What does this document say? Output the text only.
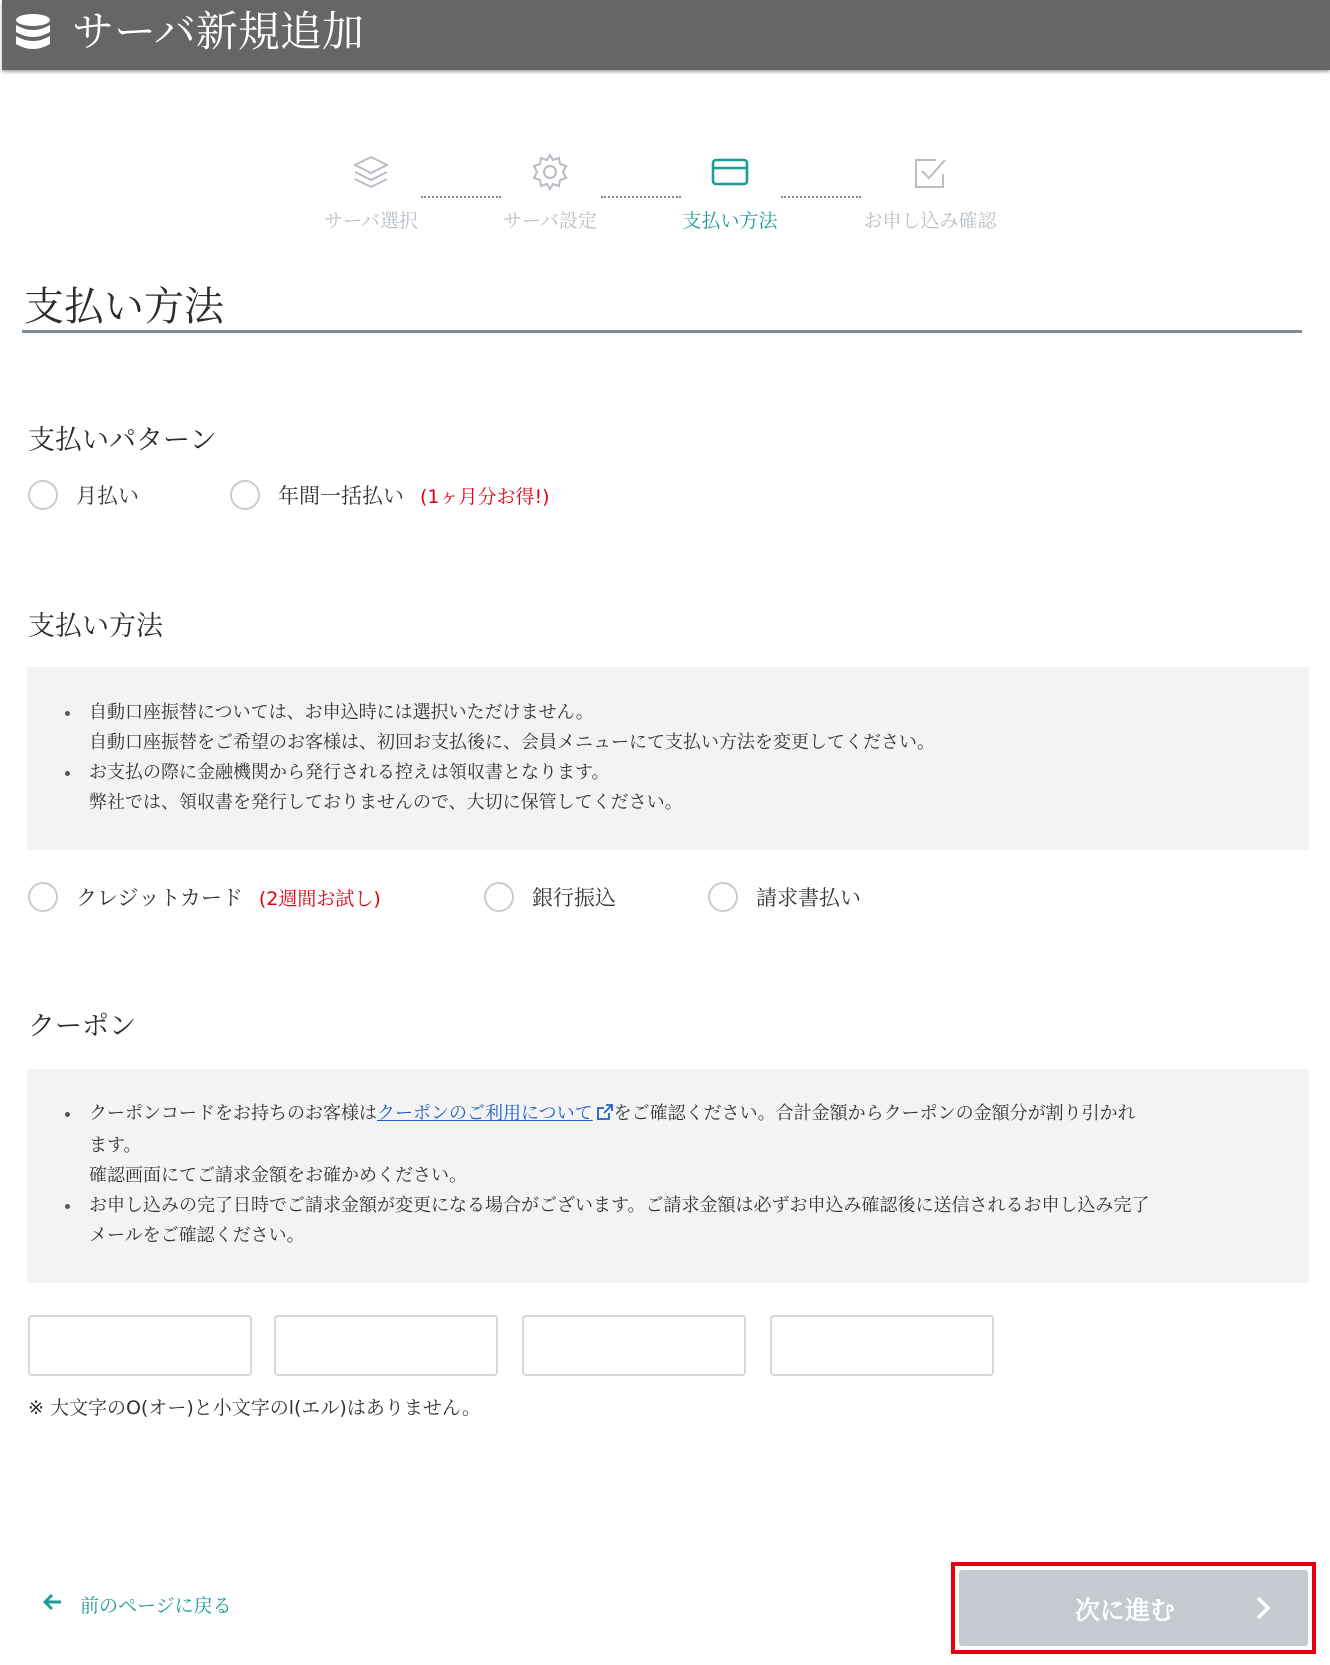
サーバ新規追加
サーバ選択	サーバ設定	支払い方法	お申し込み確認
支払い方法
支払いパターン
月払い	年間一括払い (1ヶ月分お得!)
支払い方法
自動口座振替については、お申込時には選択いただけません。
自動口座振替をご希望のお客様は、初回お支払後に、会員メニューにて支払い方法を変更してください。
お支払の際に金融機関から発行される控えは領収書となります。
弊社では、領収書を発行しておりませんので、大切に保管してください。
クレジットカード (2週間お試し)	銀行振込	請求書払い
クーポン
クーポンコードをお持ちのお客様はクーポンのご利用について をご確認ください。合計金額からクーポンの金額分が割り引かれ
ます。
確認画面にてご請求金額をお確かめください。
お申し込みの完了日時でご請求金額が変更になる場合がございます。ご請求金額は必ずお申込み確認後に送信されるお申し込み完了
メールをご確認ください。
※ 大文字のO(オー)と小文字のl(エル)はありません。
前のページに戻る	次に進む
